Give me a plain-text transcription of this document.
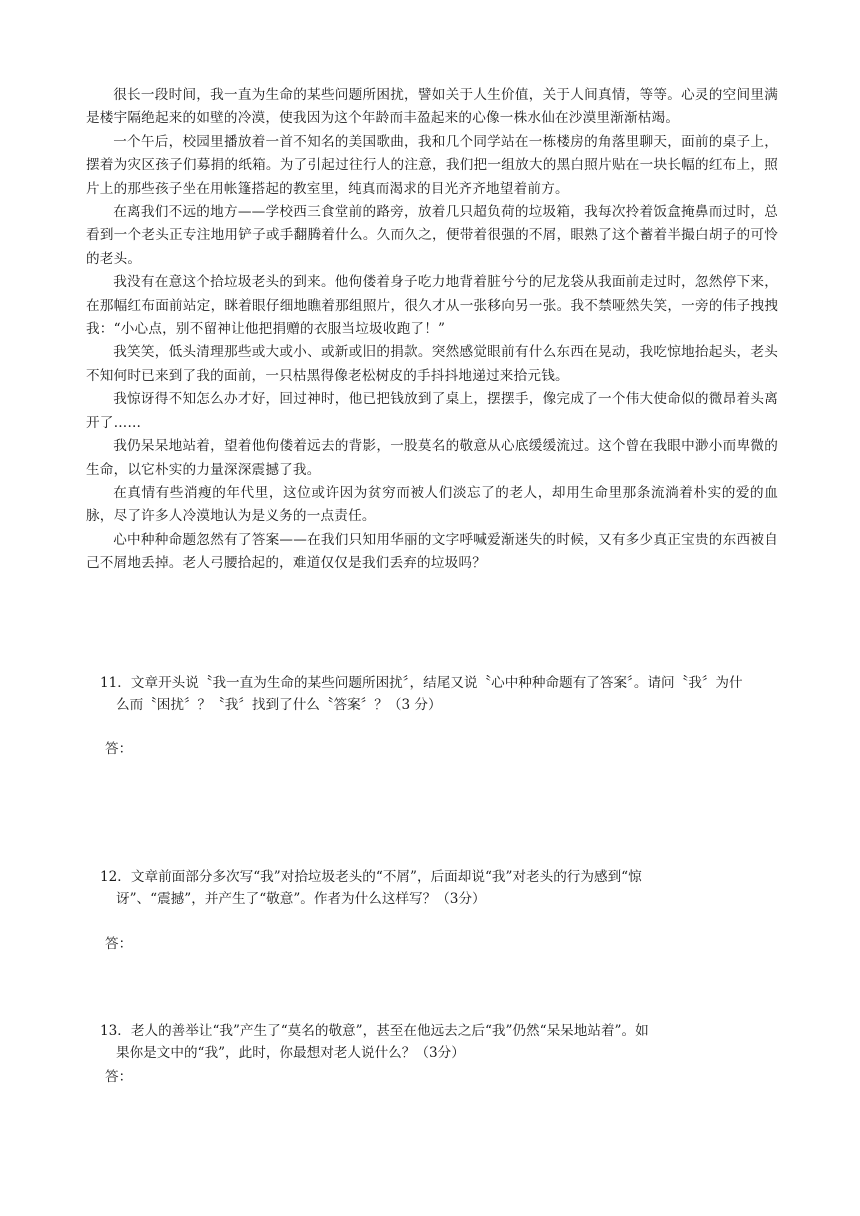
很长一段时间，我一直为生命的某些问题所困扰，譬如关于人生价值，关于人间真情，等等。心灵的空间里满是楼宇隔绝起来的如壁的冷漠，使我因为这个年龄而丰盈起来的心像一株水仙在沙漠里渐渐枯竭。

一个午后，校园里播放着一首不知名的美国歌曲，我和几个同学站在一栋楼房的角落里聊天，面前的桌子上，摆着为灾区孩子们募捐的纸箱。为了引起过往行人的注意，我们把一组放大的黑白照片贴在一块长幅的红布上，照片上的那些孩子坐在用帐篷搭起的教室里，纯真而渴求的目光齐齐地望着前方。

在离我们不远的地方——学校西三食堂前的路旁，放着几只超负荷的垃圾箱，我每次拎着饭盒掩鼻而过时，总看到一个老头正专注地用铲子或手翻腾着什么。久而久之，便带着很强的不屑，眼熟了这个蓄着半撮白胡子的可怜的老头。

我没有在意这个拾垃圾老头的到来。他佝偻着身子吃力地背着脏兮兮的尼龙袋从我面前走过时，忽然停下来，在那幅红布面前站定，眯着眼仔细地瞧着那组照片，很久才从一张移向另一张。我不禁哑然失笑，一旁的伟子拽拽我：“小心点，别不留神让他把捐赠的衣服当垃圾收跑了！”

我笑笑，低头清理那些或大或小、或新或旧的捐款。突然感觉眼前有什么东西在晃动，我吃惊地抬起头，老头不知何时已来到了我的面前，一只枯黑得像老松树皮的手抖抖地递过来拾元钱。

我惊讶得不知怎么办才好，回过神时，他已把钱放到了桌上，摆摆手，像完成了一个伟大使命似的微昂着头离开了……

我仍呆呆地站着，望着他佝偻着远去的背影，一股莫名的敬意从心底缓缓流过。这个曾在我眼中渺小而卑微的生命，以它朴实的力量深深震撼了我。

在真情有些消瘦的年代里，这位或许因为贫穷而被人们淡忘了的老人，却用生命里那条流淌着朴实的爱的血脉，尽了许多人冷漠地认为是义务的一点责任。

心中种种命题忽然有了答案——在我们只知用华丽的文字呼喊爱渐迷失的时候，又有多少真正宝贵的东西被自己不屑地丢掉。老人弓腰拾起的，难道仅仅是我们丢弃的垃圾吗？

11．文章开头说〝我一直为生命的某些问题所困扰〞，结尾又说〝心中种种命题有了答案〞。请问〝我〞为什
么而〝困扰〞？〝我〞找到了什么〝答案〞？（3 分）
答：
12．文章前面部分多次写“我”对拾垃圾老头的“不屑”，后面却说“我”对老头的行为感到“惊
讶”、“震撼”，并产生了“敬意”。作者为什么这样写？（3分）
答：
13．老人的善举让“我”产生了“莫名的敬意”，甚至在他远去之后“我”仍然“呆呆地站着”。如
果你是文中的“我”，此时，你最想对老人说什么？（3分）
答：
